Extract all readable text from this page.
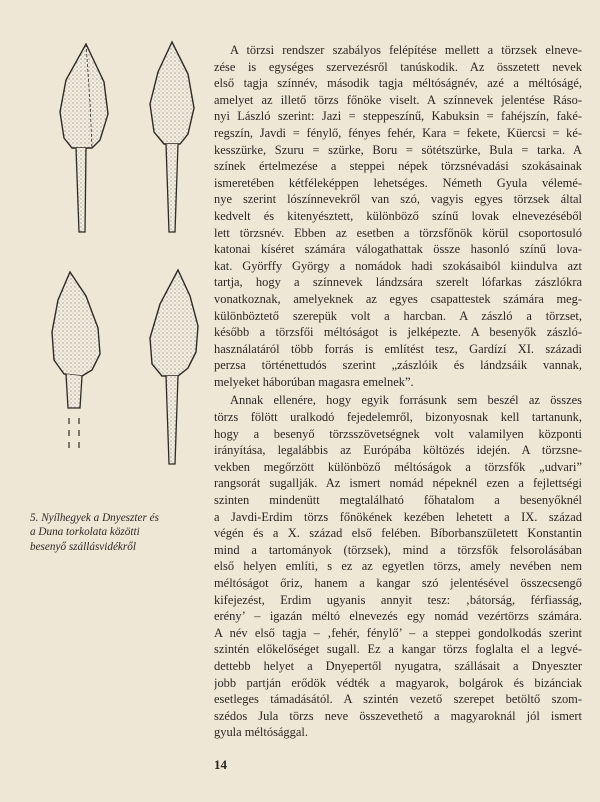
5. Nyílhegyek a Dnyeszter és
a Duna torkolata közötti
besenyő szállásvidékről
A törzsi rendszer szabályos felépítése mellett a törzsek elneve-
zése is egységes szervezésről tanúskodik. Az összetett nevek
első tagja színnév, második tagja méltóságnév, azé a méltóságé,
amelyet az illető törzs főnöke viselt. A színnevek jelentése Ráso-
nyi László szerint: Jazi = steppeszínű, Kabuksin = fahéjszín, faké-
regszín, Javdi = fénylő, fényes fehér, Kara = fekete, Küercsi = ké-
kesszürke, Szuru = szürke, Boru = sötétszürke, Bula = tarka. A
színek értelmezése a steppei népek törzsnévadási szokásainak
ismeretében kétféleképpen lehetséges. Németh Gyula vélemé-
nye szerint lószínnevekről van szó, vagyis egyes törzsek által
kedvelt és kitenyésztett, különböző színű lovak elnevezéséből
lett törzsnév. Ebben az esetben a törzsfőnök körül csoportosuló
katonai kíséret számára válogathattak össze hasonló színű lova-
kat. Györffy György a nomádok hadi szokásaiból kiindulva azt
tartja, hogy a színnevek lándzsára szerelt lófarkas zászlókra
vonatkoznak, amelyeknek az egyes csapattestek számára meg-
különböztető szerepük volt a harcban. A zászló a törzset,
később a törzsfői méltóságot is jelképezte. A besenyők zászló-
használatáról több forrás is említést tesz, Gardízí XI. századi
perzsa történettudós szerint „zászlóik és lándzsáik vannak,
melyeket háborúban magasra emelnek”.
Annak ellenére, hogy egyik forrásunk sem beszél az összes
törzs fölött uralkodó fejedelemről, bizonyosnak kell tartanunk,
hogy a besenyő törzsszövetségnek volt valamilyen központi
irányítása, legalábbis az Európába költözés idején. A törzsne-
vekben megőrzött különböző méltóságok a törzsfők „udvari”
rangsorát sugallják. Az ismert nomád népeknél ezen a fejlettségi
szinten mindenütt megtalálható főhatalom a besenyőknél
a Javdi-Erdim törzs főnökének kezében lehetett a IX. század
végén és a X. század első felében. Bíborbanszületett Konstantin
mind a tartományok (törzsek), mind a törzsfők felsorolásában
első helyen említi, s ez az egyetlen törzs, amely nevében nem
méltóságot őriz, hanem a kangar szó jelentésével összecsengő
kifejezést, Erdim ugyanis annyit tesz: ‚bátorság, férfiasság,
erény’ – igazán méltó elnevezés egy nomád vezértörzs számára.
A név első tagja – ‚fehér, fénylő’ – a steppei gondolkodás szerint
szintén előkelőséget sugall. Ez a kangar törzs foglalta el a legvé-
dettebb helyet a Dnyepertől nyugatra, szállásait a Dnyeszter
jobb partján erődök védték a magyarok, bolgárok és bizánciak
esetleges támadásától. A szintén vezető szerepet betöltő szom-
szédos Jula törzs neve összevethető a magyaroknál jól ismert
gyula méltósággal.
14
